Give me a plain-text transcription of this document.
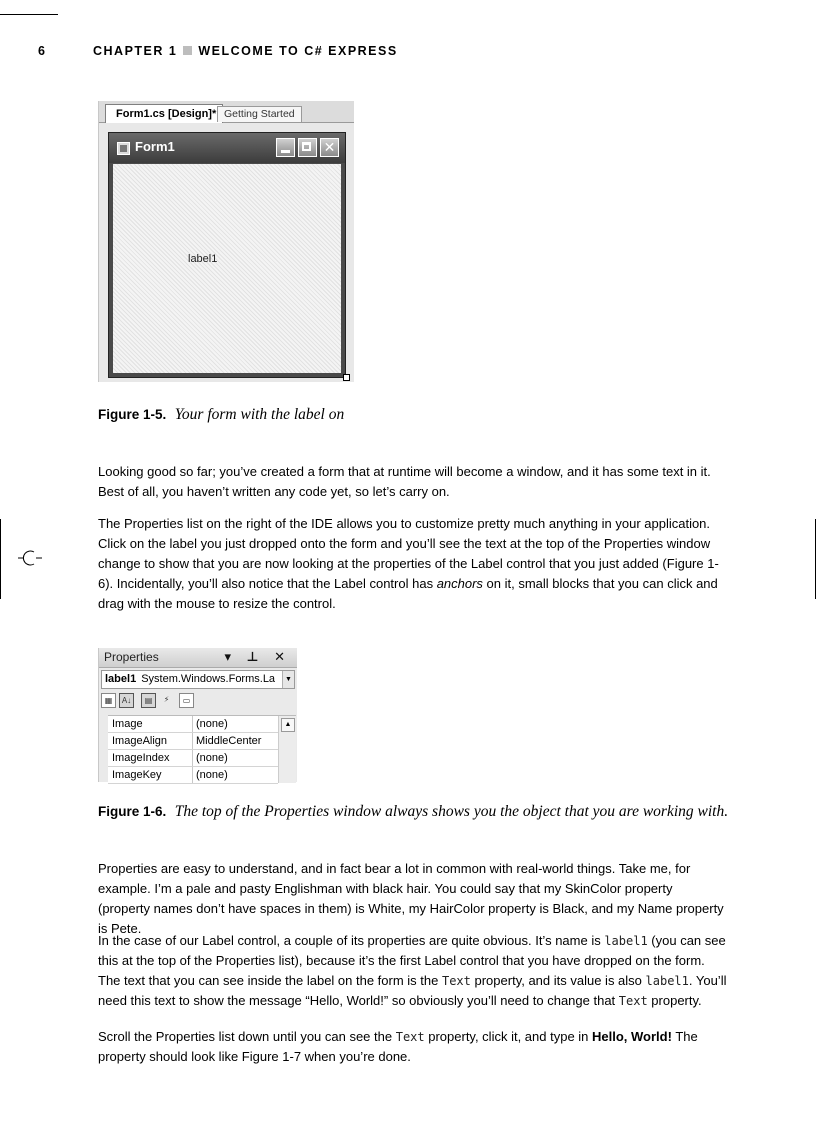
6	CHAPTER 1 WELCOME TO C# EXPRESS
Form1.cs [Design]* Getting Started
Form1	✕
label1
Figure 1-5. Your form with the label on

Looking good so far; you’ve created a form that at runtime will become a window, and it has some text in it. Best of all, you haven’t written any code yet, so let’s carry on.

The Properties list on the right of the IDE allows you to customize pretty much anything in your application. Click on the label you just dropped onto the form and you’ll see the text at the top of the Properties window change to show that you are now looking at the properties of the Label control that you just added (Figure 1-6). Incidentally, you’ll also notice that the Label control has anchors on it, small blocks that you can click and drag with the mouse to resize the control.

Properties	▾ ⊥ ✕
label1 System.Windows.Forms.La	▼
▦	A↓	▤	⚡	▭
Image	(none)
ImageAlign	MiddleCenter
ImageIndex (none)
ImageKey	(none)
▲
Figure 1-6. The top of the Properties window always shows you the object that you are working with.

Properties are easy to understand, and in fact bear a lot in common with real-world things. Take me, for example. I’m a pale and pasty Englishman with black hair. You could say that my SkinColor property (property names don’t have spaces in them) is White, my HairColor property is Black, and my Name property is Pete.

In the case of our Label control, a couple of its properties are quite obvious. It’s name is label1 (you can see this at the top of the Properties list), because it’s the first Label control that you have dropped on the form. The text that you can see inside the label on the form is the Text property, and its value is also label1. You’ll need this text to show the message “Hello, World!” so obviously you’ll need to change that Text property.

Scroll the Properties list down until you can see the Text property, click it, and type in Hello, World! The property should look like Figure 1-7 when you’re done.
